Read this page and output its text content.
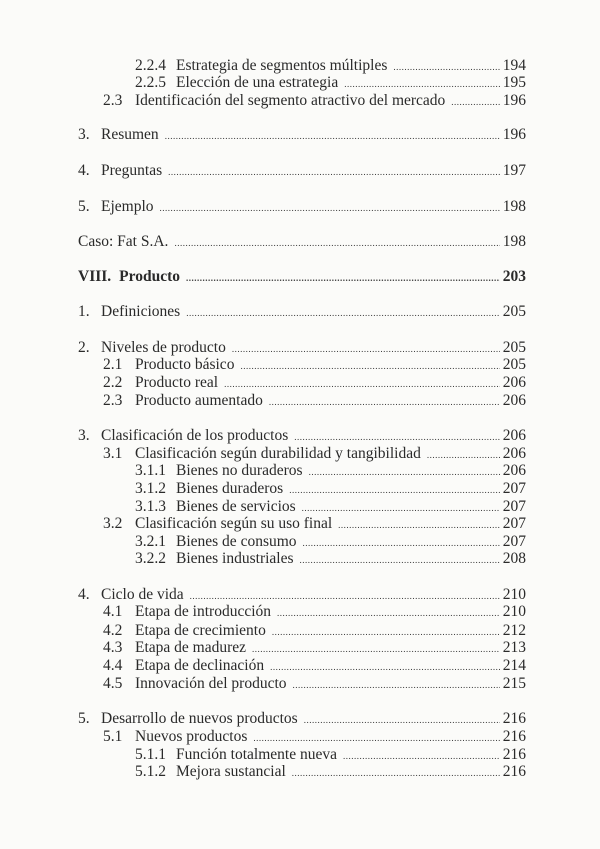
2.2.4 Estrategia de segmentos múltiples .....	194
2.2.5 Elección de una estrategia .....	195
2.3 Identificación del segmento atractivo del mercado .....	196
3. Resumen .....	196
4. Preguntas .....	197
5. Ejemplo .....	198
Caso: Fat S.A. .....	198
VIII. Producto .....	203
1. Definiciones .....	205
2. Niveles de producto .....	205
2.1 Producto básico .....	205
2.2 Producto real .....	206
2.3 Producto aumentado .....	206
3. Clasificación de los productos .....	206
3.1 Clasificación según durabilidad y tangibilidad .....	206
3.1.1 Bienes no duraderos .....	206
3.1.2 Bienes duraderos .....	207
3.1.3 Bienes de servicios .....	207
3.2 Clasificación según su uso final .....	207
3.2.1 Bienes de consumo .....	207
3.2.2 Bienes industriales .....	208
4. Ciclo de vida .....	210
4.1 Etapa de introducción .....	210
4.2 Etapa de crecimiento .....	212
4.3 Etapa de madurez .....	213
4.4 Etapa de declinación .....	214
4.5 Innovación del producto .....	215
5. Desarrollo de nuevos productos .....	216
5.1 Nuevos productos .....	216
5.1.1 Función totalmente nueva .....	216
5.1.2 Mejora sustancial .....	216
